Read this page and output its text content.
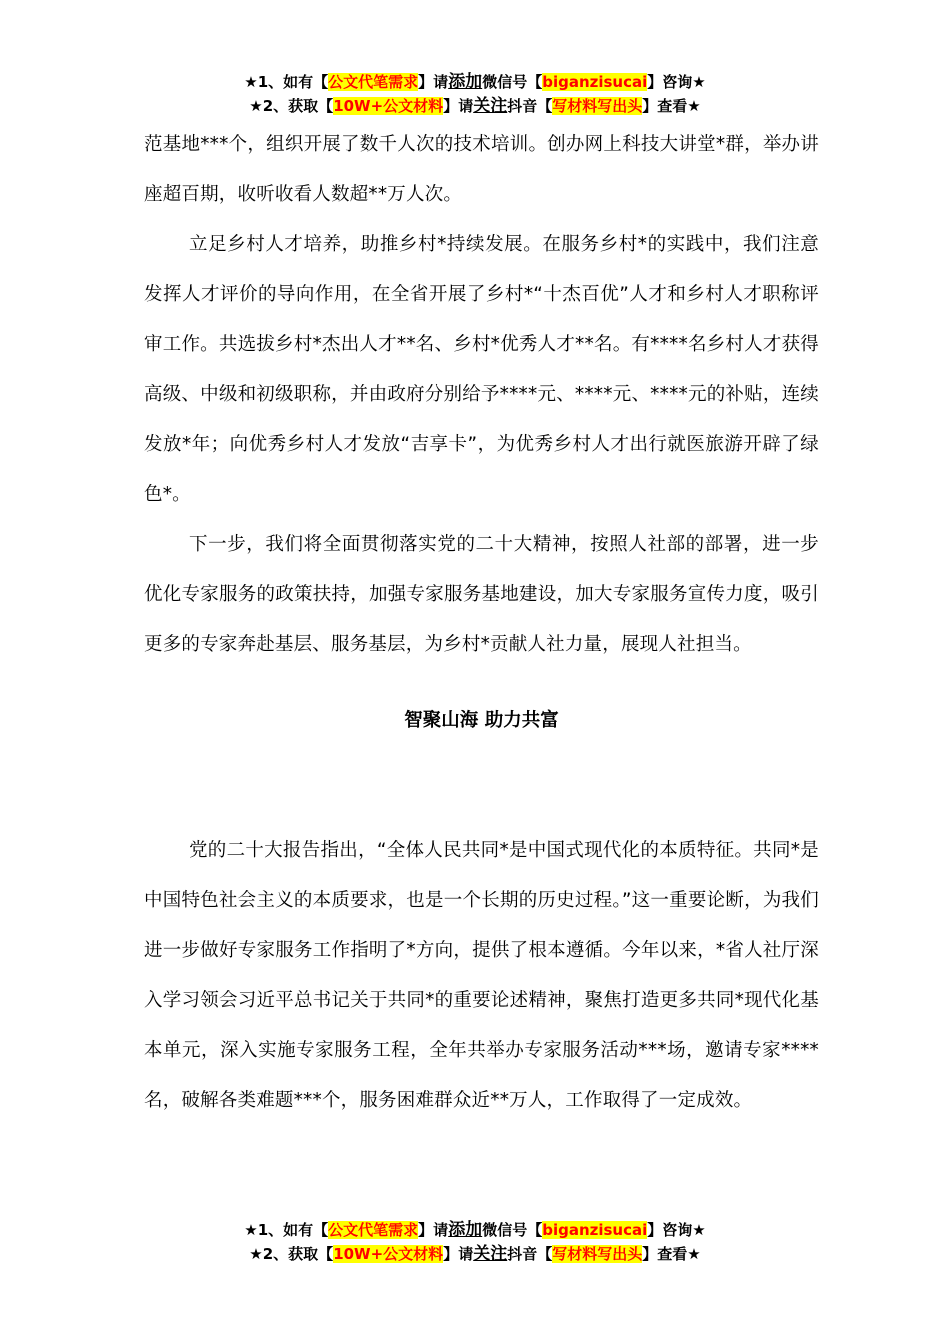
★1、如有【公文代笔需求】请添加微信号【biganzisucai】咨询★
★2、获取【10W+公文材料】请关注抖音【写材料写出头】查看★

范基地***个，组织开展了数千人次的技术培训。创办网上科技大讲堂*群，举办讲座超百期，收听收看人数超**万人次。

立足乡村人才培养，助推乡村*持续发展。在服务乡村*的实践中，我们注意发挥人才评价的导向作用，在全省开展了乡村*“十杰百优”人才和乡村人才职称评审工作。共选拔乡村*杰出人才**名、乡村*优秀人才**名。有****名乡村人才获得高级、中级和初级职称，并由政府分别给予****元、****元、****元的补贴，连续发放*年；向优秀乡村人才发放“吉享卡”，为优秀乡村人才出行就医旅游开辟了绿色*。

下一步，我们将全面贯彻落实党的二十大精神，按照人社部的部署，进一步优化专家服务的政策扶持，加强专家服务基地建设，加大专家服务宣传力度，吸引更多的专家奔赴基层、服务基层，为乡村*贡献人社力量，展现人社担当。

智聚山海 助力共富

党的二十大报告指出，“全体人民共同*是中国式现代化的本质特征。共同*是中国特色社会主义的本质要求，也是一个长期的历史过程。”这一重要论断，为我们进一步做好专家服务工作指明了*方向，提供了根本遵循。今年以来，*省人社厅深入学习领会习近平总书记关于共同*的重要论述精神，聚焦打造更多共同*现代化基本单元，深入实施专家服务工程，全年共举办专家服务活动***场，邀请专家****名，破解各类难题***个，服务困难群众近**万人，工作取得了一定成效。

★1、如有【公文代笔需求】请添加微信号【biganzisucai】咨询★
★2、获取【10W+公文材料】请关注抖音【写材料写出头】查看★
